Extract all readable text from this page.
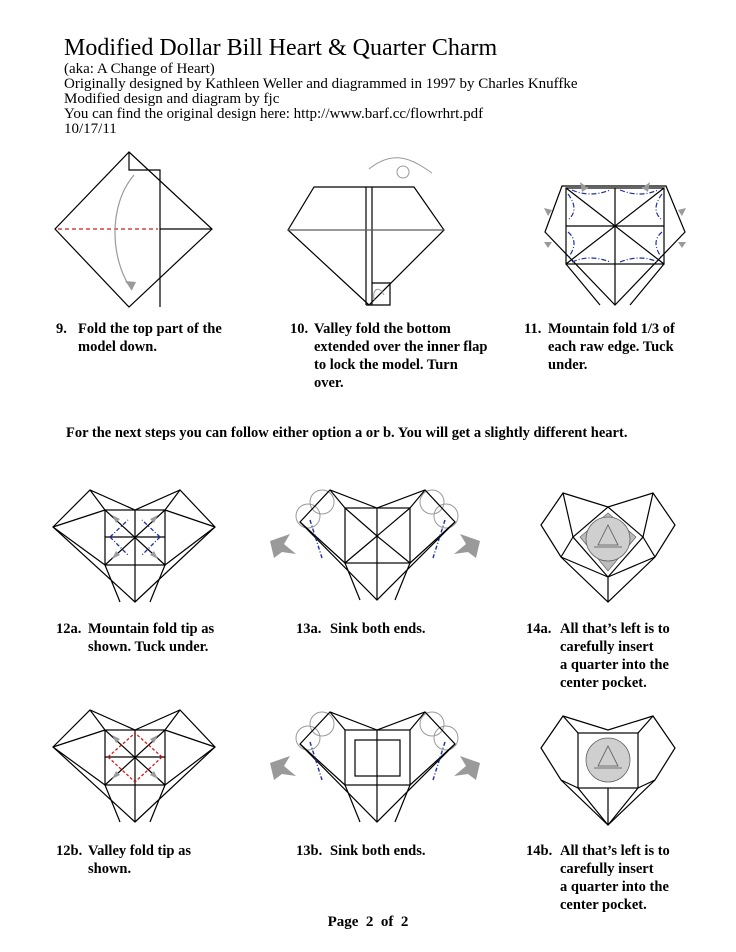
Modified Dollar Bill Heart & Quarter Charm

(aka: A Change of Heart)

Originally designed by Kathleen Weller and diagrammed in 1997 by Charles Knuffke

Modified design and diagram by fjc

You can find the original design here: http://www.barf.cc/flowrhrt.pdf

10/17/11

9. Fold the top part of the
model down.
10. Valley fold the bottom
extended over the inner flap
to lock the model. Turn
over.
11. Mountain fold 1/3 of
each raw edge. Tuck
under.
For the next steps you can follow either option a or b. You will get a slightly different heart.
12a. Mountain fold tip as
shown. Tuck under.
13a. Sink both ends.	14a. All that’s left is to
carefully insert
a quarter into the
center pocket.
12b. Valley fold tip as
shown.
13b. Sink both ends.	14b. All that’s left is to
carefully insert
a quarter into the
center pocket.
Page  2  of  2
